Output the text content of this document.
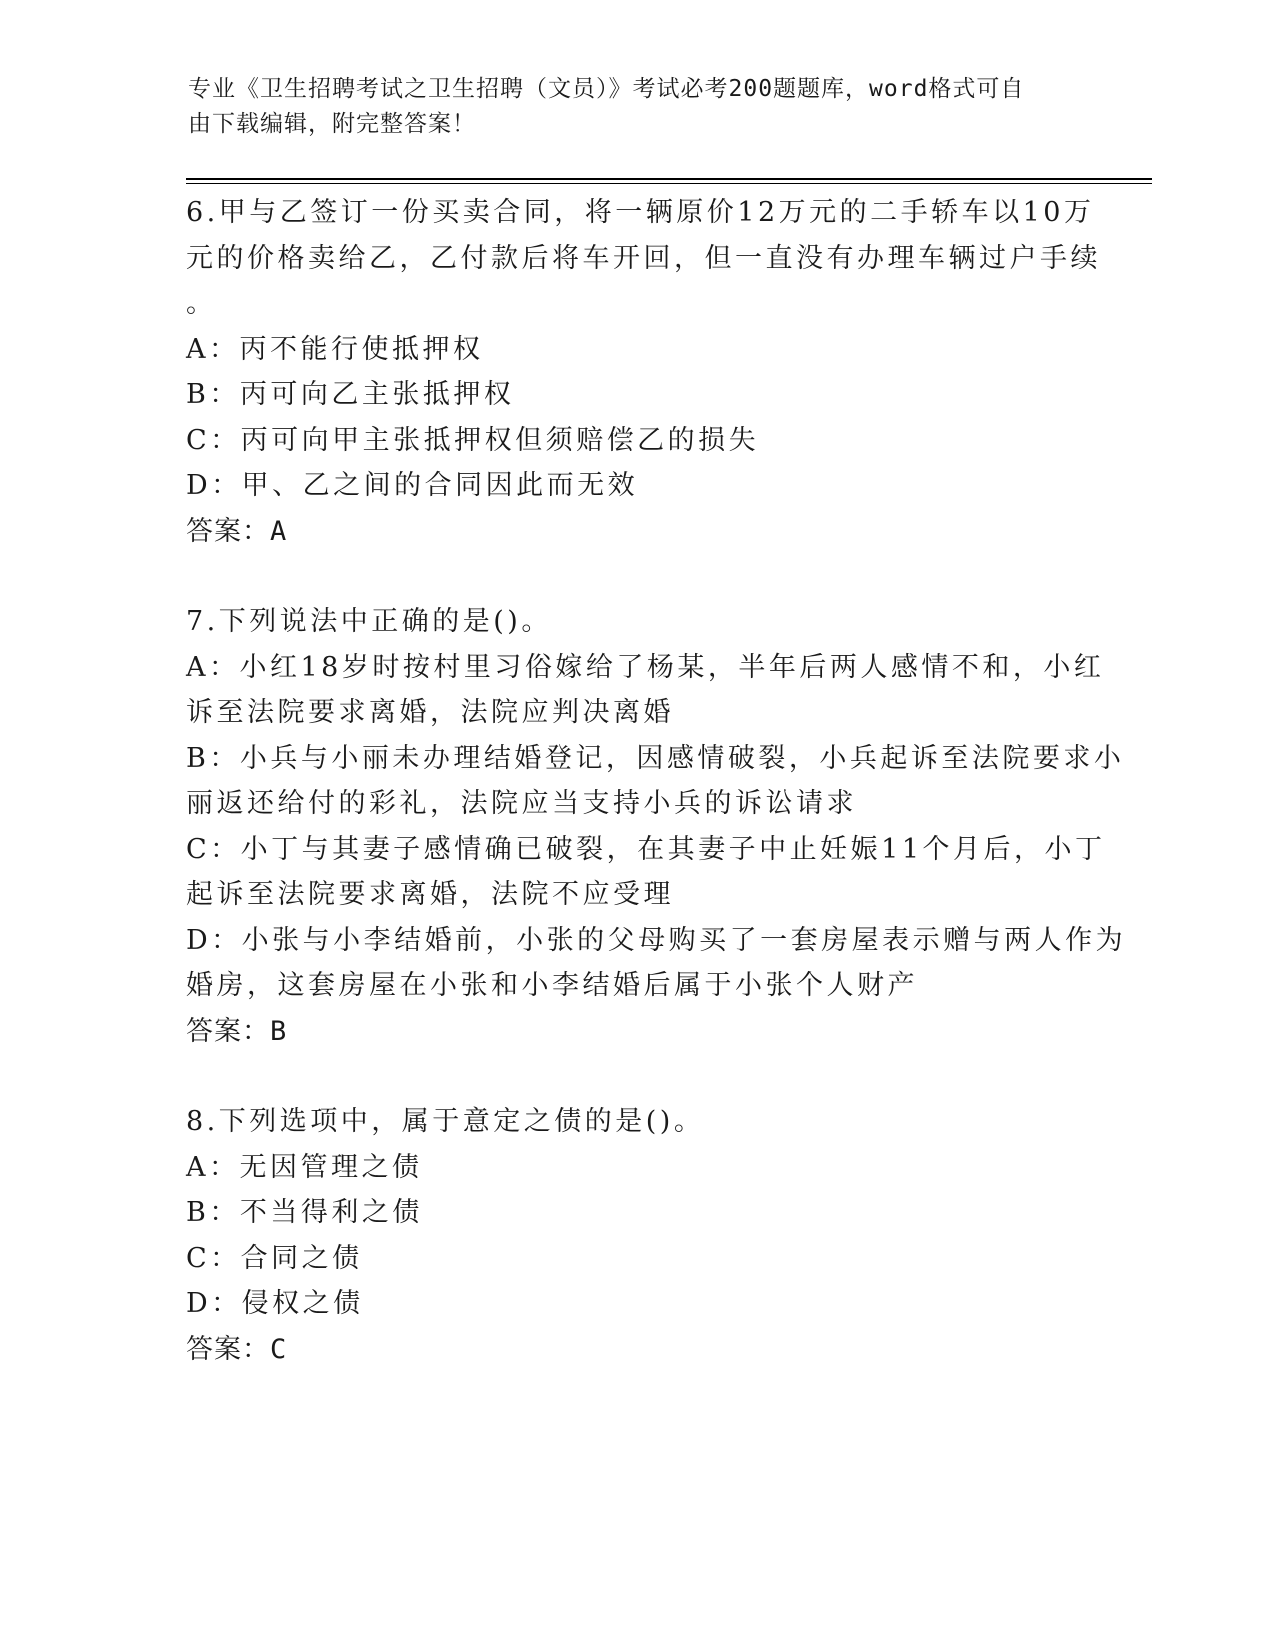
专业《卫生招聘考试之卫生招聘（文员）》考试必考200题题库，word格式可自
由下载编辑，附完整答案！
6.甲与乙签订一份买卖合同，将一辆原价12万元的二手轿车以10万
元的价格卖给乙，乙付款后将车开回，但一直没有办理车辆过户手续
。
A：丙不能行使抵押权
B：丙可向乙主张抵押权
C：丙可向甲主张抵押权但须赔偿乙的损失
D：甲、乙之间的合同因此而无效
答案：A
7.下列说法中正确的是()。
A：小红18岁时按村里习俗嫁给了杨某，半年后两人感情不和，小红
诉至法院要求离婚，法院应判决离婚
B：小兵与小丽未办理结婚登记，因感情破裂，小兵起诉至法院要求小
丽返还给付的彩礼，法院应当支持小兵的诉讼请求
C：小丁与其妻子感情确已破裂，在其妻子中止妊娠11个月后，小丁
起诉至法院要求离婚，法院不应受理
D：小张与小李结婚前，小张的父母购买了一套房屋表示赠与两人作为
婚房，这套房屋在小张和小李结婚后属于小张个人财产
答案：B
8.下列选项中，属于意定之债的是()。
A：无因管理之债
B：不当得利之债
C：合同之债
D：侵权之债
答案：C
